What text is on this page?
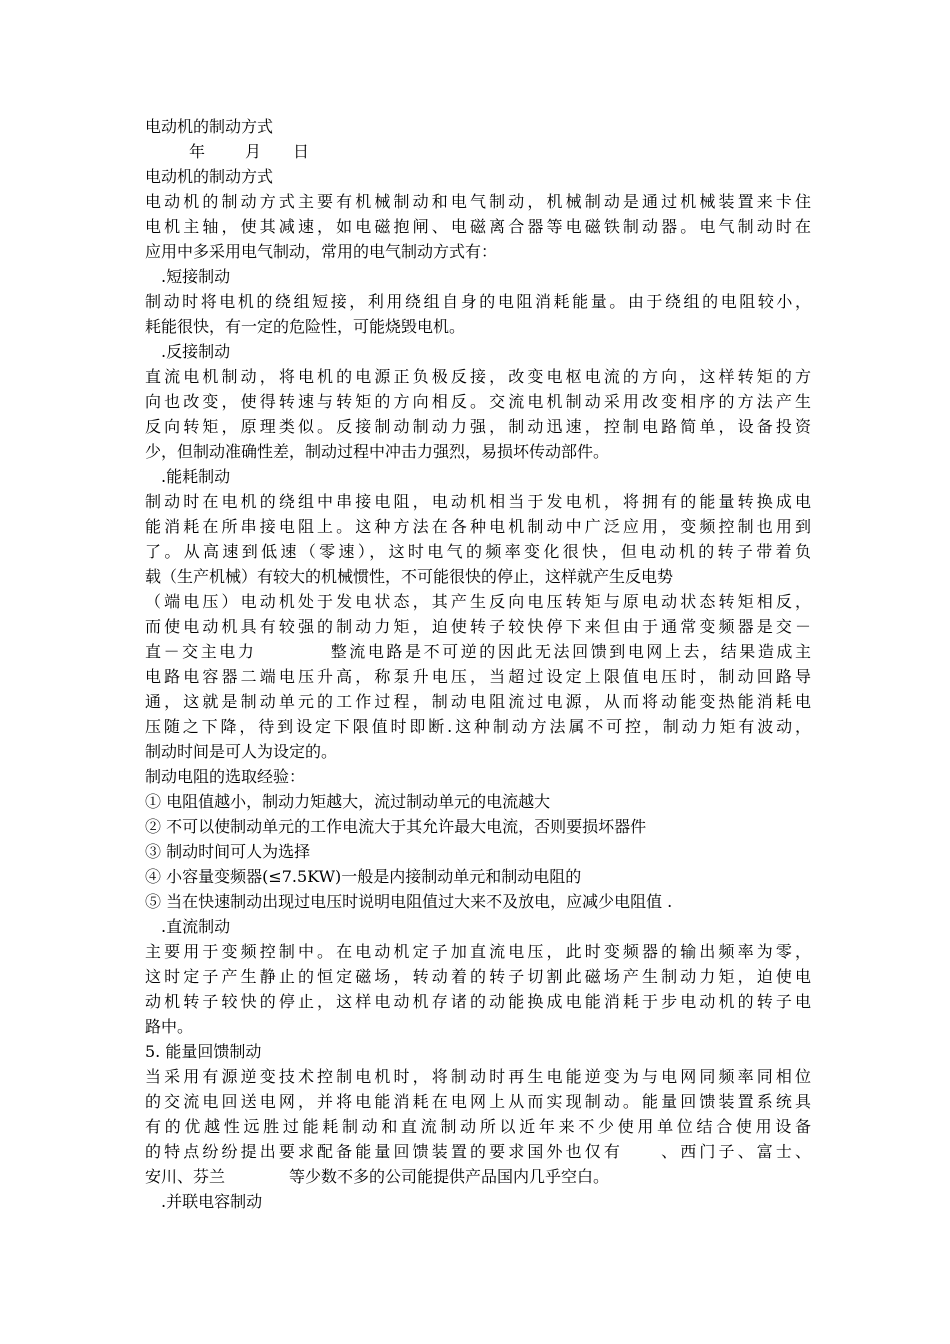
电动机的制动方式
年 月 日
电动机的制动方式
电动机的制动方式主要有机械制动和电气制动，机械制动是通过机械装置来卡住
电机主轴，使其减速，如电磁抱闸、电磁离合器等电磁铁制动器。电气制动时在
应用中多采用电气制动，常用的电气制动方式有：
.短接制动
制动时将电机的绕组短接，利用绕组自身的电阻消耗能量。由于绕组的电阻较小，
耗能很快，有一定的危险性，可能烧毁电机。
.反接制动
直流电机制动，将电机的电源正负极反接，改变电枢电流的方向，这样转矩的方
向也改变，使得转速与转矩的方向相反。交流电机制动采用改变相序的方法产生
反向转矩，原理类似。反接制动制动力强，制动迅速，控制电路简单，设备投资
少，但制动准确性差，制动过程中冲击力强烈，易损坏传动部件。
.能耗制动
制动时在电机的绕组中串接电阻，电动机相当于发电机，将拥有的能量转换成电
能消耗在所串接电阻上。这种方法在各种电机制动中广泛应用，变频控制也用到
了。从高速到低速（零速），这时电气的频率变化很快，但电动机的转子带着负
载（生产机械）有较大的机械惯性，不可能很快的停止，这样就产生反电势
（端电压）电动机处于发电状态，其产生反向电压转矩与原电动状态转矩相反，
而使电动机具有较强的制动力矩，迫使转子较快停下来但由于通常变频器是交－
直－交主电力　　　　整流电路是不可逆的因此无法回馈到电网上去，结果造成主
电路电容器二端电压升高，称泵升电压，当超过设定上限值电压时，制动回路导
通，这就是制动单元的工作过程，制动电阻流过电源，从而将动能变热能消耗电
压随之下降，待到设定下限值时即断.这种制动方法属不可控，制动力矩有波动，
制动时间是可人为设定的。
制动电阻的选取经验：
① 电阻值越小，制动力矩越大，流过制动单元的电流越大
② 不可以使制动单元的工作电流大于其允许最大电流，否则要损坏器件
③ 制动时间可人为选择
④ 小容量变频器(≤7.5KW)一般是内接制动单元和制动电阻的
⑤ 当在快速制动出现过电压时说明电阻值过大来不及放电，应减少电阻值 .
.直流制动
主要用于变频控制中。在电动机定子加直流电压，此时变频器的输出频率为零，
这时定子产生静止的恒定磁场，转动着的转子切割此磁场产生制动力矩，迫使电
动机转子较快的停止，这样电动机存诸的动能换成电能消耗于步电动机的转子电
路中。
5. 能量回馈制动
当采用有源逆变技术控制电机时，将制动时再生电能逆变为与电网同频率同相位
的交流电回送电网，并将电能消耗在电网上从而实现制动。能量回馈装置系统具
有的优越性远胜过能耗制动和直流制动所以近年来不少使用单位结合使用设备
的特点纷纷提出要求配备能量回馈装置的要求国外也仅有　　、西门子、富士、
安川、芬兰　　　　等少数不多的公司能提供产品国内几乎空白。
.并联电容制动
